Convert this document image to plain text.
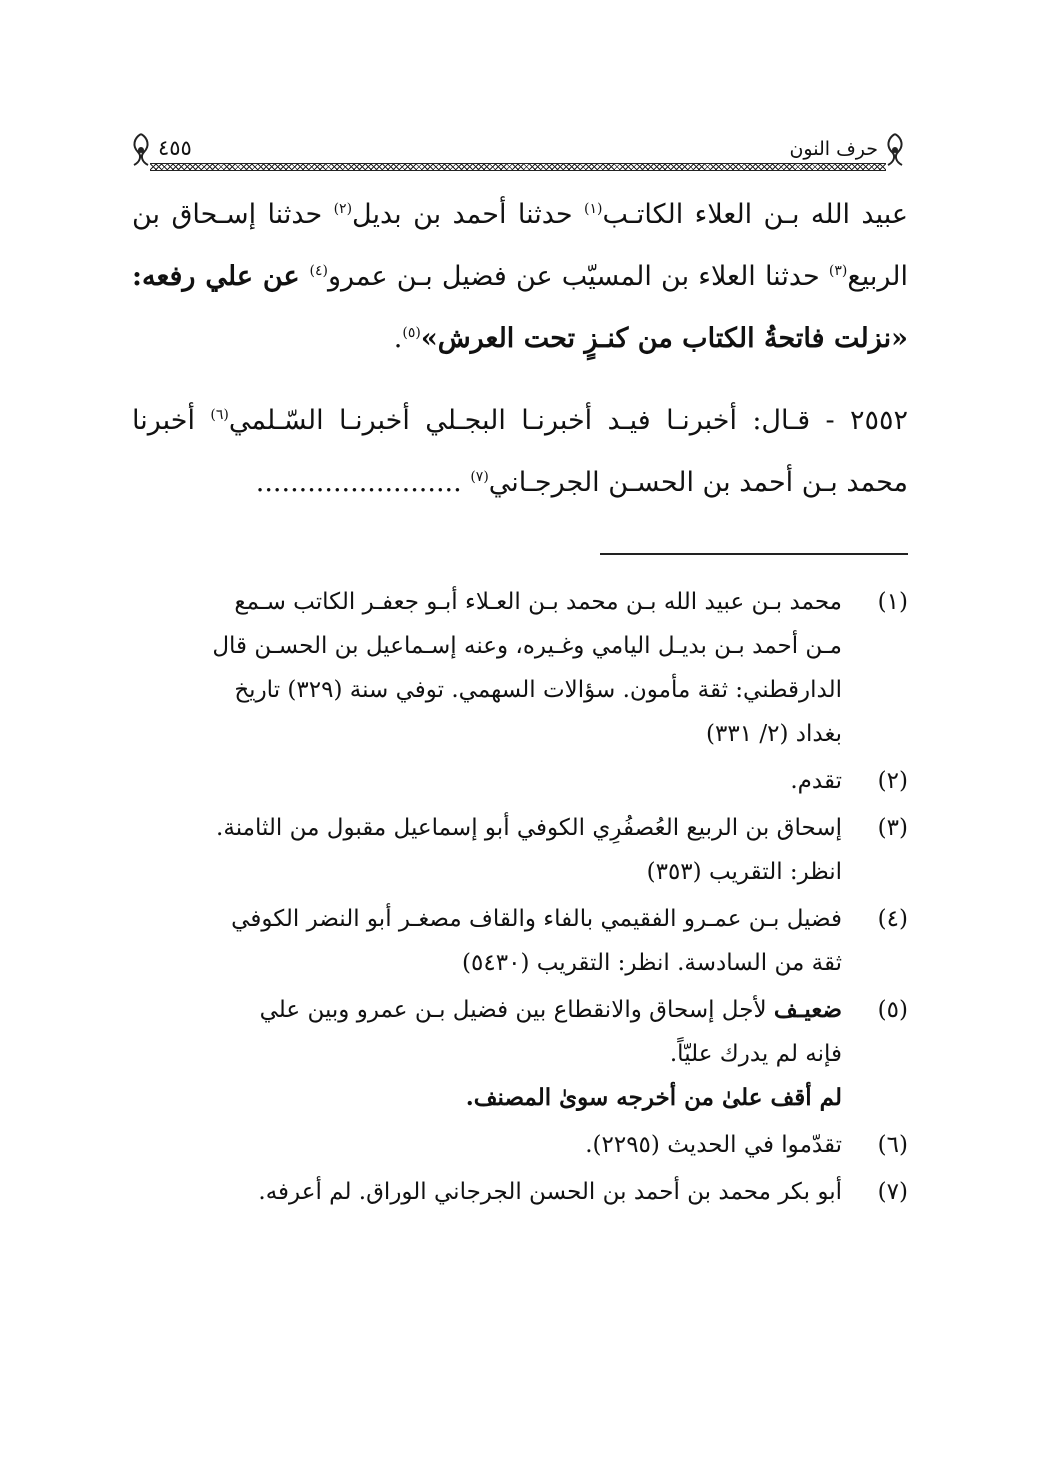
حرف النون
٤٥٥

عبيد الله بـن العلاء الكاتـب$^{(١)}$ حدثنا أحمد بن بديل$^{(٢)}$ حدثنا إسـحاق بن الربيع$^{(٣)}$ حدثنا العلاء بن المسيّب عن فضيل بـن عمرو$^{(٤)}$ عن علي رفعه: «نزلت فاتحةُ الكتاب من كنـزٍ تحت العرش»$^{(٥)}$.

٢٥٥٢ - قـال: أخبرنـا فيـد أخبرنـا البجـلي أخبرنـا السّـلمي$^{(٦)}$ أخبرنا محمد بـن أحمد بن الحسـن الجرجـاني$^{(٧)}$ ........................

(١)
محمد بـن عبيد الله بـن محمد بـن العـلاء أبـو جعفـر الكاتب سـمع
مـن أحمد بـن بديـل اليامي وغـيره، وعنه إسـماعيل بن الحسـن قال
الدارقطني: ثقة مأمون. سؤالات السهمي. توفي سنة (٣٢٩) تاريخ
بغداد (٢/ ٣٣١)
(٢)
تقدم.
(٣)
إسحاق بن الربيع العُصفُرِي الكوفي أبو إسماعيل مقبول من الثامنة.
انظر: التقريب (٣٥٣)
(٤)
فضيل بـن عمـرو الفقيمي بالفاء والقاف مصغـر أبو النضر الكوفي
ثقة من السادسة. انظر: التقريب (٥٤٣٠)
(٥)
ضعيـف لأجل إسحاق والانقطاع بين فضيل بـن عمرو وبين علي
فإنه لم يدرك عليّاً.
لم أقف علىٰ من أخرجه سوىٰ المصنف.
(٦)
تقدّموا في الحديث (٢٢٩٥).
(٧)
أبو بكر محمد بن أحمد بن الحسن الجرجاني الوراق. لم أعرفه.
